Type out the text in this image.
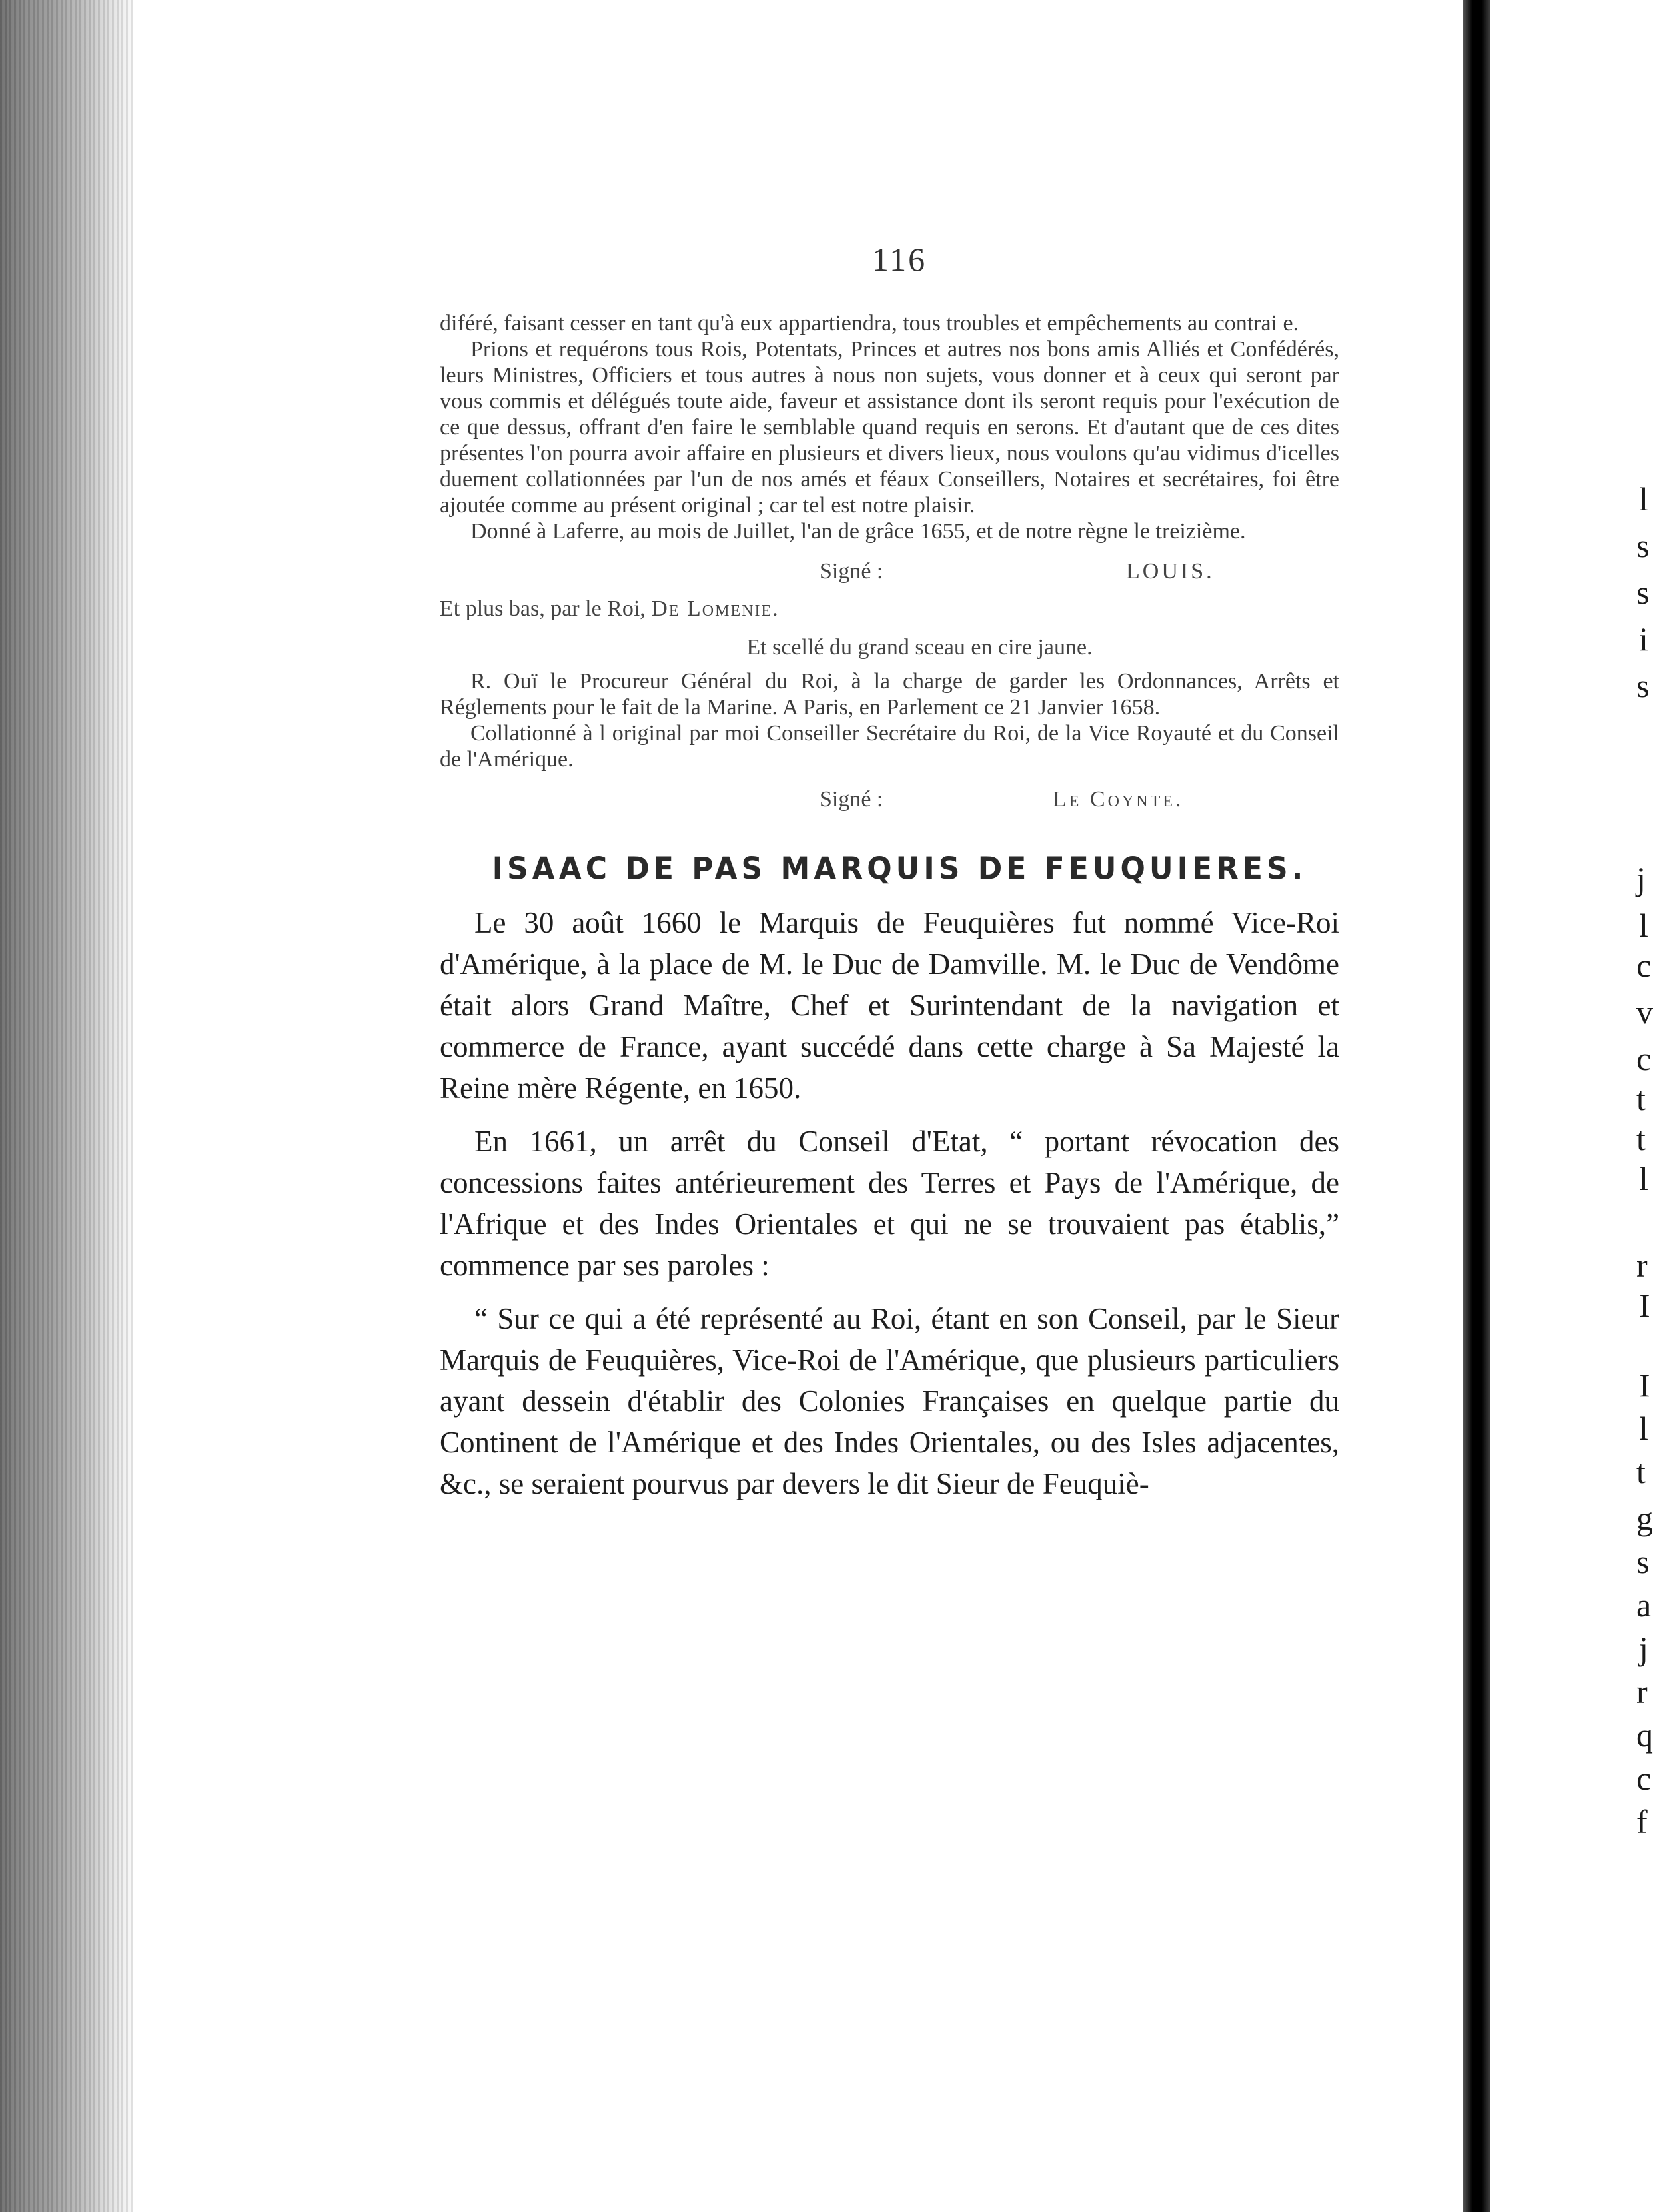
l
s
s
i
s
j
l
c
v
c
t
t
l
r
I
I
l
t
g
s
a
j
r
q
c
f
116

diféré, faisant cesser en tant qu'à eux appartiendra, tous troubles et empêchements au contrai e.

Prions et requérons tous Rois, Potentats, Princes et autres nos bons amis Alliés et Confédérés, leurs Ministres, Officiers et tous autres à nous non sujets, vous donner et à ceux qui seront par vous commis et délégués toute aide, faveur et assistance dont ils seront requis pour l'exécution de ce que dessus, offrant d'en faire le semblable quand requis en serons. Et d'autant que de ces dites présentes l'on pourra avoir affaire en plusieurs et divers lieux, nous voulons qu'au vidimus d'icelles duement collationnées par l'un de nos amés et féaux Conseillers, Notaires et secrétaires, foi être ajoutée comme au présent original ; car tel est notre plaisir.

Donné à Laferre, au mois de Juillet, l'an de grâce 1655, et de notre règne le treizième.

Signé :	LOUIS.
Et plus bas, par le Roi, De Lomenie.
Et scellé du grand sceau en cire jaune.

R. Ouï le Procureur Général du Roi, à la charge de garder les Ordonnances, Arrêts et Réglements pour le fait de la Marine. A Paris, en Parlement ce 21 Janvier 1658.

Collationné à l original par moi Conseiller Secrétaire du Roi, de la Vice Royauté et du Conseil de l'Amérique.

Signé :	Le Coynte.
ISAAC DE PAS MARQUIS DE FEUQUIERES.

Le 30 août 1660 le Marquis de Feuquières fut nommé Vice-Roi d'Amérique, à la place de M. le Duc de Damville. M. le Duc de Vendôme était alors Grand Maître, Chef et Surintendant de la navigation et commerce de France, ayant succédé dans cette charge à Sa Majesté la Reine mère Régente, en 1650.

En 1661, un arrêt du Conseil d'Etat, “ portant révocation des concessions faites antérieurement des Terres et Pays de l'Amérique, de l'Afrique et des Indes Orientales et qui ne se trouvaient pas établis,” commence par ses paroles :

“ Sur ce qui a été représenté au Roi, étant en son Conseil, par le Sieur Marquis de Feuquières, Vice-Roi de l'Amérique, que plusieurs particuliers ayant dessein d'établir des Colonies Françaises en quelque partie du Continent de l'Amérique et des Indes Orientales, ou des Isles adjacentes, &c., se seraient pourvus par devers le dit Sieur de Feuquiè-
